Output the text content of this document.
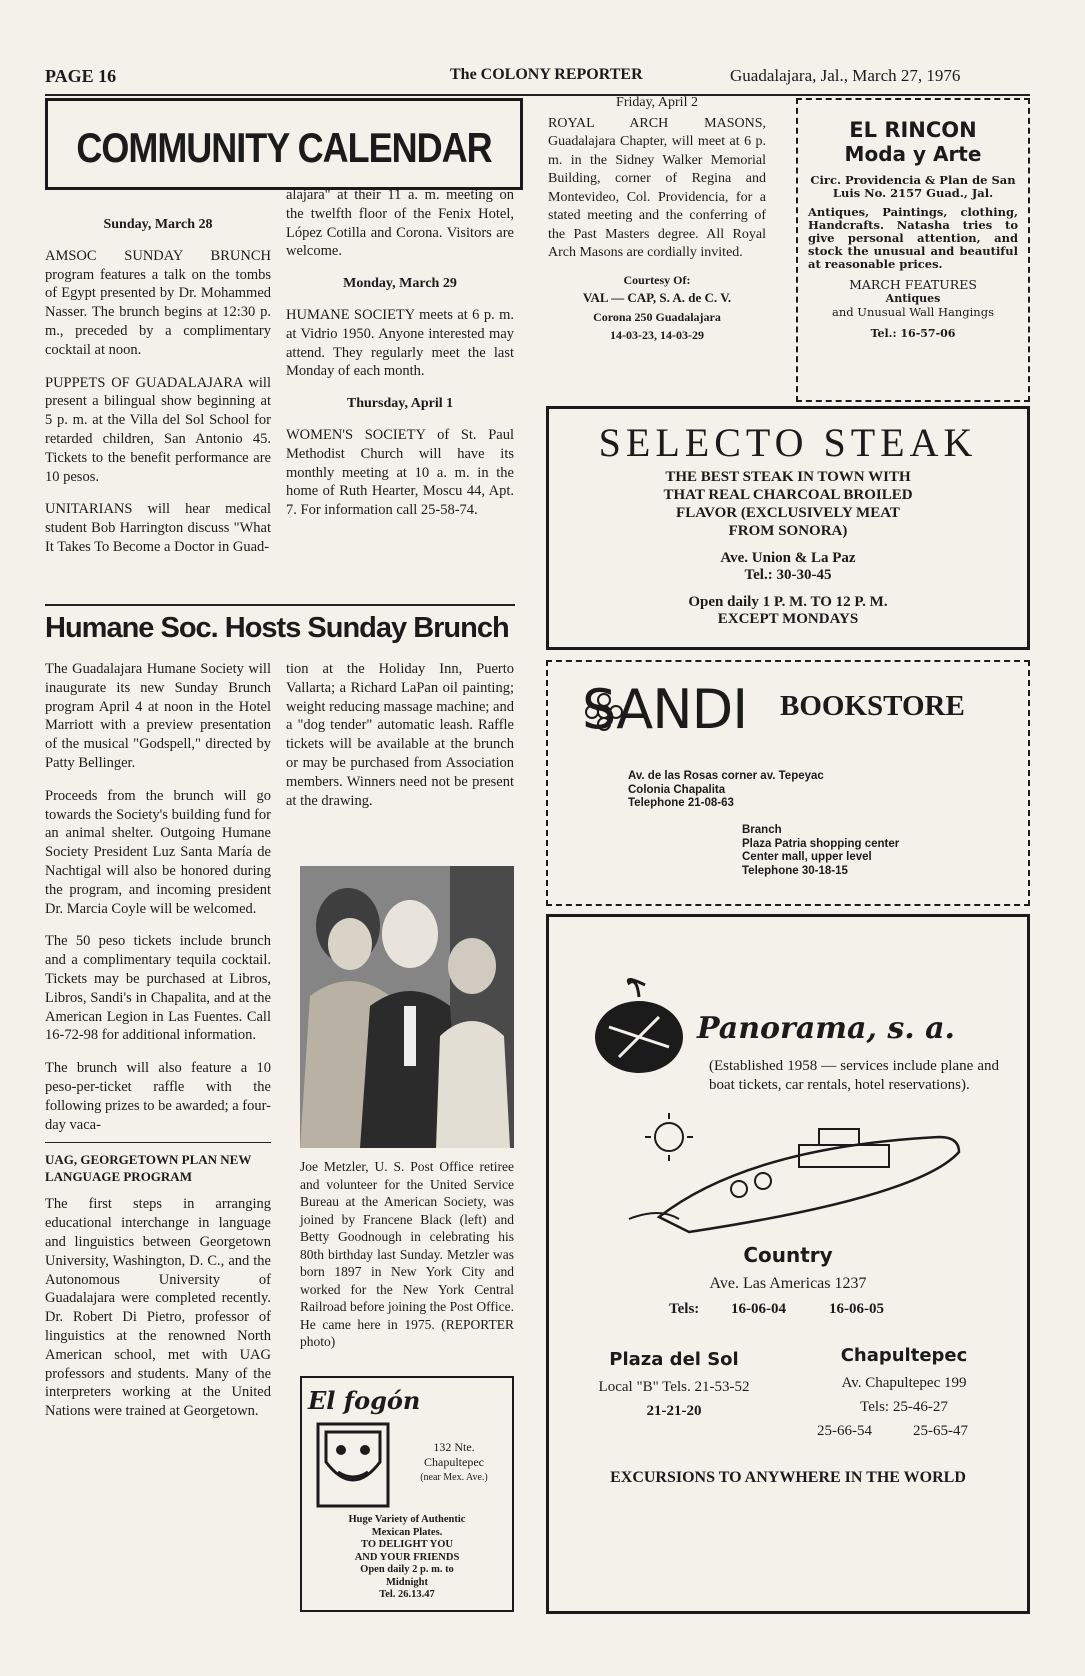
PAGE 16	The COLONY REPORTER	Guadalajara, Jal., March 27, 1976
COMMUNITY CALENDAR
Sunday, March 28

AMSOC SUNDAY BRUNCH program features a talk on the tombs of Egypt presented by Dr. Mohammed Nasser. The brunch begins at 12:30 p. m., preceded by a complimentary cocktail at noon.

PUPPETS OF GUADALAJARA will present a bilingual show beginning at 5 p. m. at the Villa del Sol School for retarded children, San Antonio 45. Tickets to the benefit performance are 10 pesos.

UNITARIANS will hear medical student Bob Harrington discuss "What It Takes To Become a Doctor in Guad-

alajara" at their 11 a. m. meeting on the twelfth floor of the Fenix Hotel, López Cotilla and Corona. Visitors are welcome.

Monday, March 29

HUMANE SOCIETY meets at 6 p. m. at Vidrio 1950. Anyone interested may attend. They regularly meet the last Monday of each month.

Thursday, April 1

WOMEN'S SOCIETY of St. Paul Methodist Church will have its monthly meeting at 10 a. m. in the home of Ruth Hearter, Moscu 44, Apt. 7. For information call 25-58-74.

Friday, April 2

ROYAL ARCH MASONS, Guadalajara Chapter, will meet at 6 p. m. in the Sidney Walker Memorial Building, corner of Regina and Montevideo, Col. Providencia, for a stated meeting and the conferring of the Past Masters degree. All Royal Arch Masons are cordially invited.

Courtesy Of:
VAL — CAP, S. A. de C. V.
Corona 250 Guadalajara
14-03-23, 14-03-29
Humane Soc. Hosts Sunday Brunch

The Guadalajara Humane Society will inaugurate its new Sunday Brunch program April 4 at noon in the Hotel Marriott with a preview presentation of the musical "Godspell," directed by Patty Bellinger.

Proceeds from the brunch will go towards the Society's building fund for an animal shelter. Outgoing Humane Society President Luz Santa María de Nachtigal will also be honored during the program, and incoming president Dr. Marcia Coyle will be welcomed.

The 50 peso tickets include brunch and a complimentary tequila cocktail. Tickets may be purchased at Libros, Libros, Sandi's in Chapalita, and at the American Legion in Las Fuentes. Call 16-72-98 for additional information.

The brunch will also feature a 10 peso-per-ticket raffle with the following prizes to be awarded; a four-day vaca-

UAG, GEORGETOWN PLAN NEW LANGUAGE PROGRAM

The first steps in arranging educational interchange in language and linguistics between Georgetown University, Washington, D. C., and the Autonomous University of Guadalajara were completed recently. Dr. Robert Di Pietro, professor of linguistics at the renowned North American school, met with UAG professors and students. Many of the interpreters working at the United Nations were trained at Georgetown.

tion at the Holiday Inn, Puerto Vallarta; a Richard LaPan oil painting; weight reducing massage machine; and a "dog tender" automatic leash. Raffle tickets will be available at the brunch or may be purchased from Association members. Winners need not be present at the drawing.

Joe Metzler, U. S. Post Office retiree and volunteer for the United Service Bureau at the American Society, was joined by Francene Black (left) and Betty Goodnough in celebrating his 80th birthday last Sunday. Metzler was born 1897 in New York City and worked for the New York Central Railroad before joining the Post Office. He came here in 1975. (REPORTER photo)
El fogón
132 Nte.
Chapultepec
(near Mex. Ave.)
Huge Variety of Authentic
Mexican Plates.
TO DELIGHT YOU
AND YOUR FRIENDS
Open daily 2 p. m. to
Midnight
Tel. 26.13.47
EL RINCON
Moda y Arte
Circ. Providencia & Plan de San Luis No. 2157 Guad., Jal.
Antiques, Paintings, clothing, Handcrafts. Natasha tries to give personal attention, and stock the unusual and beautiful at reasonable prices.
MARCH FEATURES
Antiques
and Unusual Wall Hangings
Tel.: 16-57-06
SELECTO STEAK
THE BEST STEAK IN TOWN WITH
THAT REAL CHARCOAL BROILED
FLAVOR (EXCLUSIVELY MEAT
FROM SONORA)
Ave. Union & La Paz
Tel.: 30-30-45
Open daily 1 P. M. TO 12 P. M.
EXCEPT MONDAYS
SANDI BOOKSTORE
Av. de las Rosas corner av. Tepeyac
Colonia Chapalita
Telephone 21-08-63
Branch
Plaza Patria shopping center
Center mall, upper level
Telephone 30-18-15
Panorama, s. a.
(Established 1958 — services include plane and boat tickets, car rentals, hotel reservations).
Country
Ave. Las Americas 1237
Tels: 16-06-04	16-06-05
Plaza del Sol
Local "B" Tels. 21-53-52
21-21-20
Chapultepec
Av. Chapultepec 199
Tels: 25-46-27
25-66-54	25-65-47
EXCURSIONS TO ANYWHERE IN THE WORLD
